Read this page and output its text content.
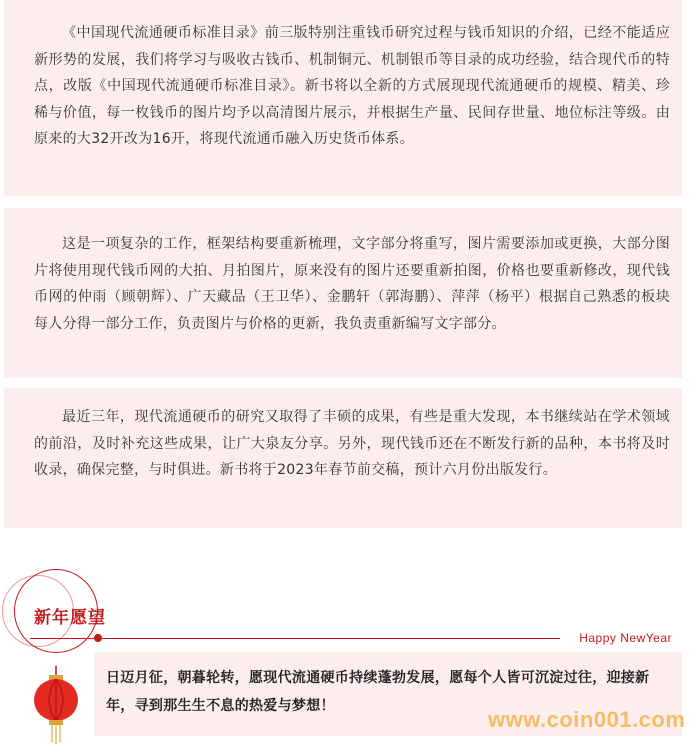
《中国现代流通硬币标准目录》前三版特别注重钱币研究过程与钱币知识的介绍，已经不能适应新形势的发展，我们将学习与吸收古钱币、机制铜元、机制银币等目录的成功经验，结合现代币的特点，改版《中国现代流通硬币标准目录》。新书将以全新的方式展现现代流通硬币的规模、精美、珍稀与价值，每一枚钱币的图片均予以高清图片展示，并根据生产量、民间存世量、地位标注等级。由原来的大32开改为16开，将现代流通币融入历史货币体系。

这是一项复杂的工作，框架结构要重新梳理，文字部分将重写，图片需要添加或更换，大部分图片将使用现代钱币网的大拍、月拍图片，原来没有的图片还要重新拍图，价格也要重新修改，现代钱币网的仲雨（顾朝辉）、广天藏品（王卫华）、金鹏轩（郭海鹏）、萍萍（杨平）根据自己熟悉的板块每人分得一部分工作，负责图片与价格的更新，我负责重新编写文字部分。

最近三年，现代流通硬币的研究又取得了丰硕的成果，有些是重大发现，本书继续站在学术领域的前沿，及时补充这些成果，让广大泉友分享。另外，现代钱币还在不断发行新的品种，本书将及时收录，确保完整，与时俱进。新书将于2023年春节前交稿，预计六月份出版发行。

新年愿望
Happy NewYear

日迈月征，朝暮轮转，愿现代流通硬币持续蓬勃发展，愿每个人皆可沉淀过往，迎接新年，寻到那生生不息的热爱与梦想！

www.coin001.com
